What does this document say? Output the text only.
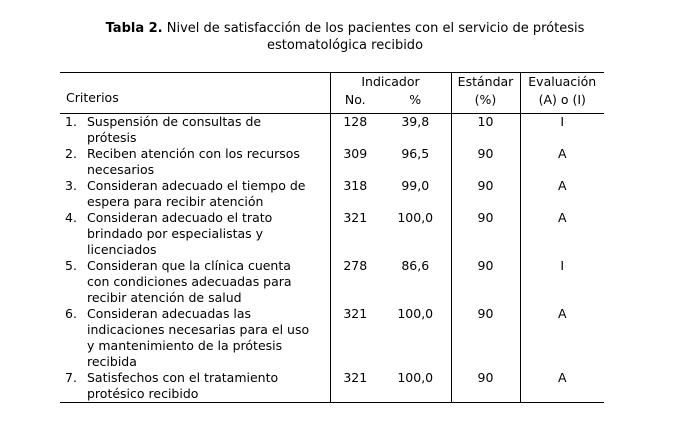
Tabla 2. Nivel de satisfacción de los pacientes con el servicio de prótesis
estomatológica recibido
Criterios	Indicador		Estándar	Evaluación
	No.	%	(%)	(A) o (I)

1. Suspensión de consultas de
prótesis	128	39,8	10	I

2. Reciben atención con los recursos
necesarios	309	96,5	90	A

3. Consideran adecuado el tiempo de
espera para recibir atención	318	99,0	90	A

4. Consideran adecuado el trato
brindado por especialistas y
licenciados	321	100,0	90	A

5. Consideran que la clínica cuenta
con condiciones adecuadas para
recibir atención de salud	278	86,6	90	I

6. Consideran adecuadas las
indicaciones necesarias para el uso
y mantenimiento de la prótesis
recibida	321	100,0	90	A

7. Satisfechos con el tratamiento
protésico recibido	321	100,0	90	A
